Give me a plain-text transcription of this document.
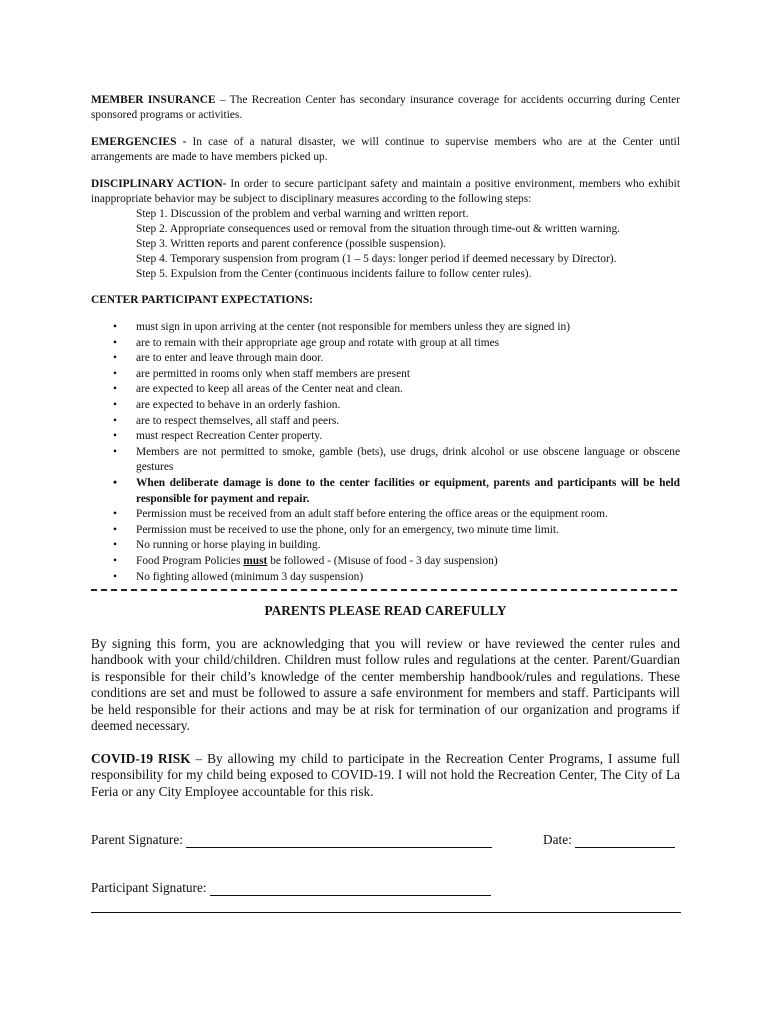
MEMBER INSURANCE – The Recreation Center has secondary insurance coverage for accidents occurring during Center sponsored programs or activities.
EMERGENCIES - In case of a natural disaster, we will continue to supervise members who are at the Center until arrangements are made to have members picked up.
DISCIPLINARY ACTION- In order to secure participant safety and maintain a positive environment, members who exhibit inappropriate behavior may be subject to disciplinary measures according to the following steps:
Step 1. Discussion of the problem and verbal warning and written report.
Step 2. Appropriate consequences used or removal from the situation through time-out & written warning.
Step 3. Written reports and parent conference (possible suspension).
Step 4. Temporary suspension from program (1 – 5 days: longer period if deemed necessary by Director).
Step 5. Expulsion from the Center (continuous incidents failure to follow center rules).
CENTER PARTICIPANT EXPECTATIONS:
• must sign in upon arriving at the center (not responsible for members unless they are signed in)
• are to remain with their appropriate age group and rotate with group at all times
• are to enter and leave through main door.
• are permitted in rooms only when staff members are present
• are expected to keep all areas of the Center neat and clean.
• are expected to behave in an orderly fashion.
• are to respect themselves, all staff and peers.
• must respect Recreation Center property.
• Members are not permitted to smoke, gamble (bets), use drugs, drink alcohol or use obscene language or obscene gestures
• When deliberate damage is done to the center facilities or equipment, parents and participants will be held responsible for payment and repair.
• Permission must be received from an adult staff before entering the office areas or the equipment room.
• Permission must be received to use the phone, only for an emergency, two minute time limit.
• No running or horse playing in building.
• Food Program Policies must be followed - (Misuse of food - 3 day suspension)
• No fighting allowed (minimum 3 day suspension)
PARENTS PLEASE READ CAREFULLY
By signing this form, you are acknowledging that you will review or have reviewed the center rules and handbook with your child/children. Children must follow rules and regulations at the center. Parent/Guardian is responsible for their child’s knowledge of the center membership handbook/rules and regulations. These conditions are set and must be followed to assure a safe environment for members and staff. Participants will be held responsible for their actions and may be at risk for termination of our organization and programs if deemed necessary.
COVID-19 RISK – By allowing my child to participate in the Recreation Center Programs, I assume full responsibility for my child being exposed to COVID-19. I will not hold the Recreation Center, The City of La Feria or any City Employee accountable for this risk.
Parent Signature:	Date:
Participant Signature:
